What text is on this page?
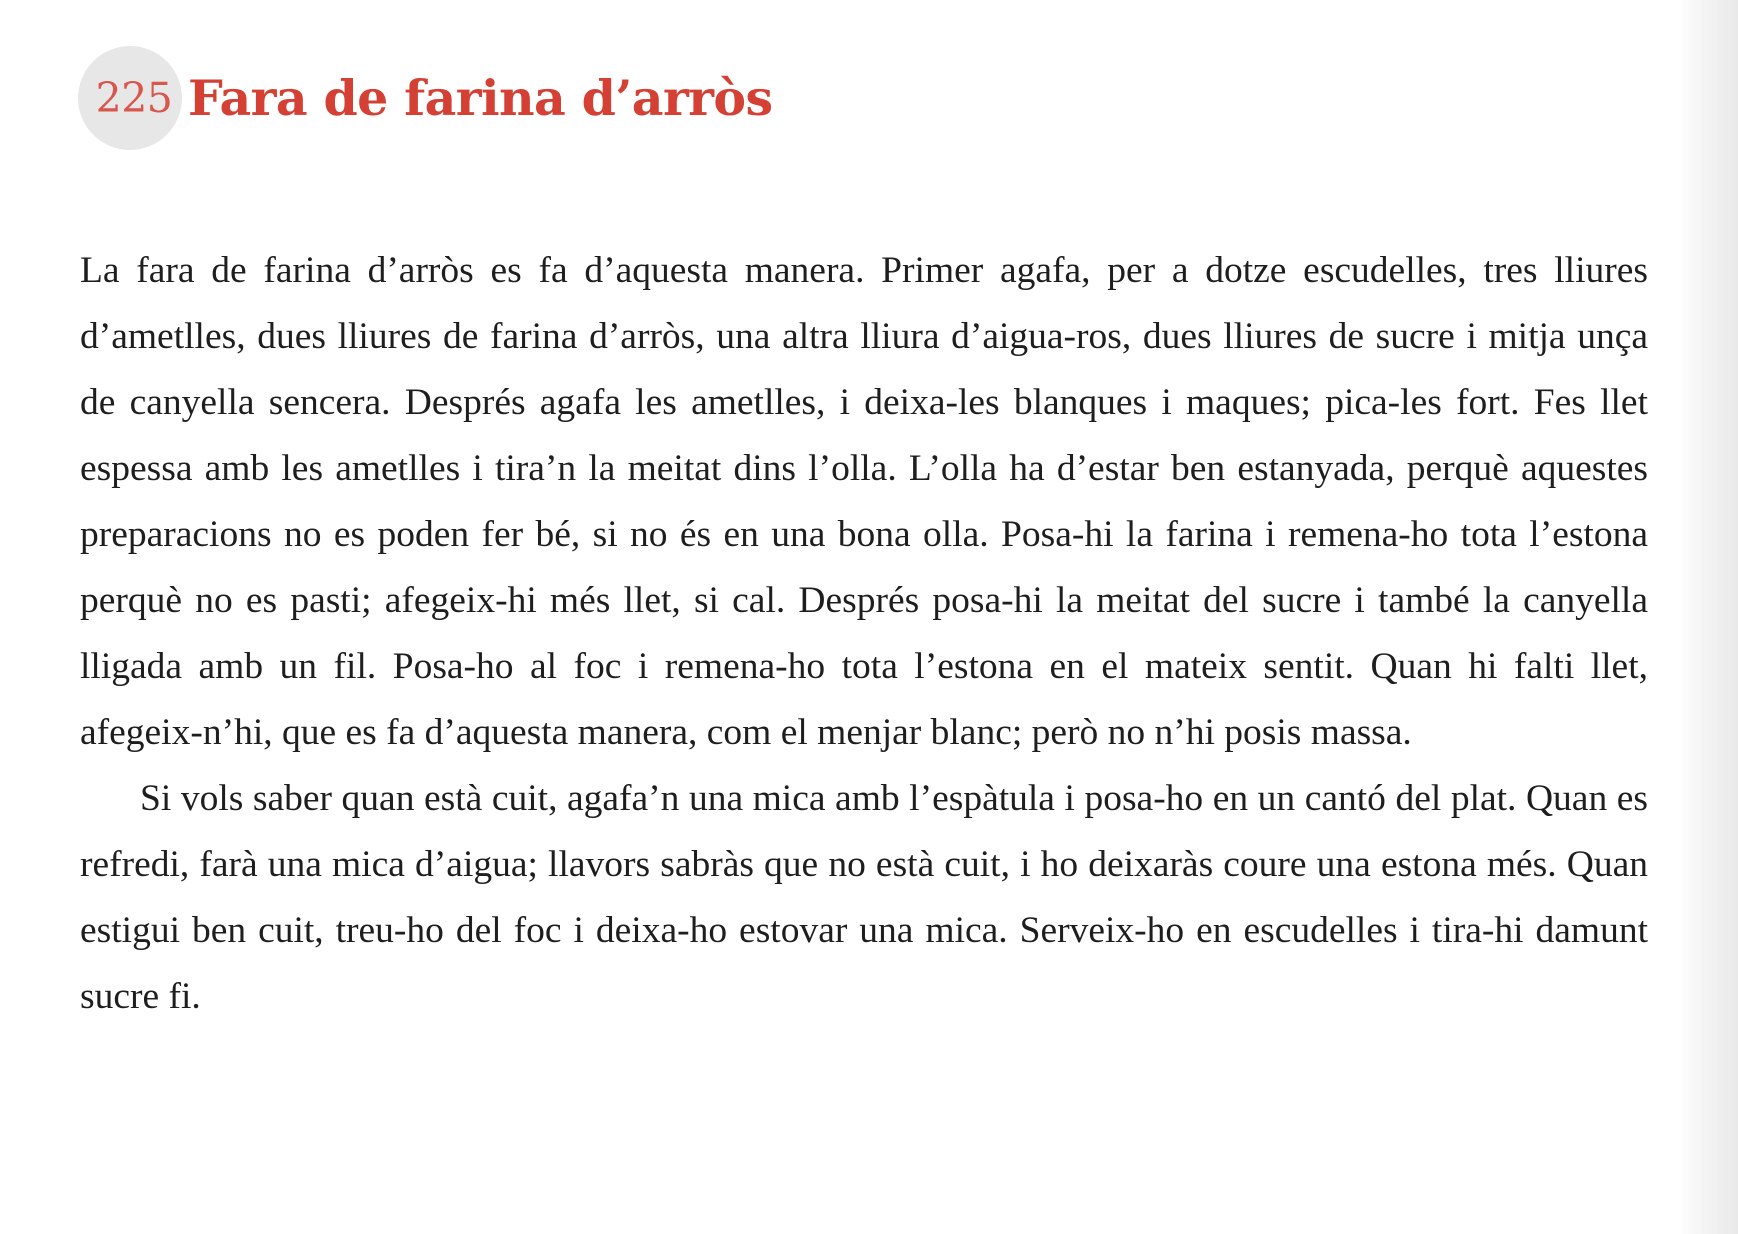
225 Fara de farina d’arròs

La fara de farina d’arròs es fa d’aquesta manera. Primer agafa, per a dotze escudelles, tres lliures d’ametlles, dues lliures de farina d’arròs, una altra lliura d’aigua-ros, dues lliures de sucre i mitja unça de canyella sencera. Després agafa les ametlles, i deixa-les blanques i maques; pica-les fort. Fes llet espessa amb les ametlles i tira’n la meitat dins l’olla. L’olla ha d’estar ben estanyada, perquè aquestes preparacions no es poden fer bé, si no és en una bona olla. Posa-hi la farina i remena-ho tota l’estona perquè no es pasti; afegeix-hi més llet, si cal. Després posa-hi la meitat del sucre i també la canyella lligada amb un fil. Posa-ho al foc i remena-ho tota l’estona en el mateix sentit. Quan hi falti llet, afegeix-n’hi, que es fa d’aquesta manera, com el menjar blanc; però no n’hi posis massa.

Si vols saber quan està cuit, agafa’n una mica amb l’espàtula i posa-ho en un cantó del plat. Quan es refredi, farà una mica d’aigua; llavors sabràs que no està cuit, i ho deixaràs coure una estona més. Quan estigui ben cuit, treu-ho del foc i deixa-ho estovar una mica. Serveix-ho en escudelles i tira-hi damunt sucre fi.
